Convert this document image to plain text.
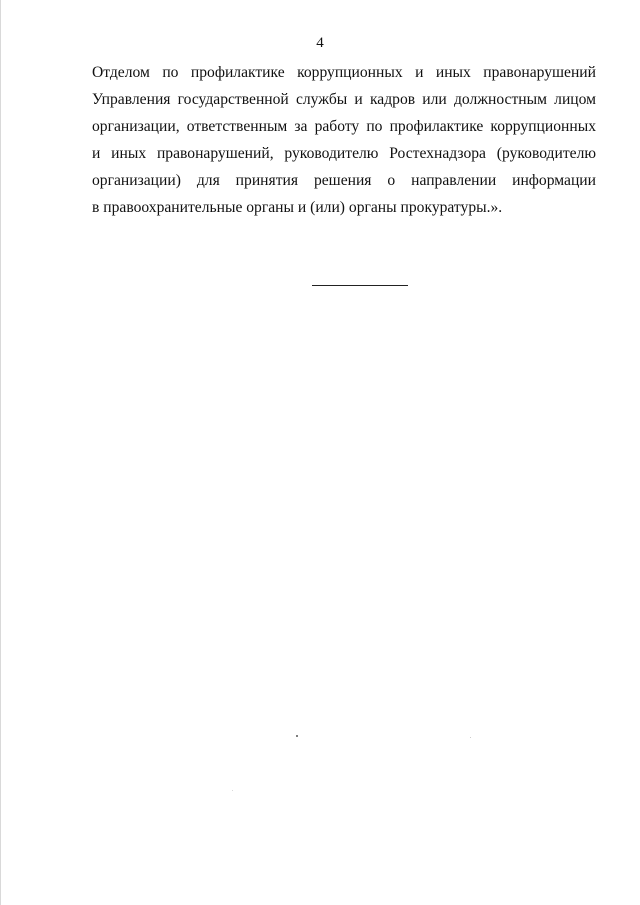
4

Отделом по профилактике коррупционных и иных правонарушений
Управления государственной службы и кадров или должностным лицом
организации, ответственным за работу по профилактике коррупционных
и иных правонарушений, руководителю Ростехнадзора (руководителю
организации) для принятия решения о направлении информации
в правоохранительные органы и (или) органы прокуратуры.».
